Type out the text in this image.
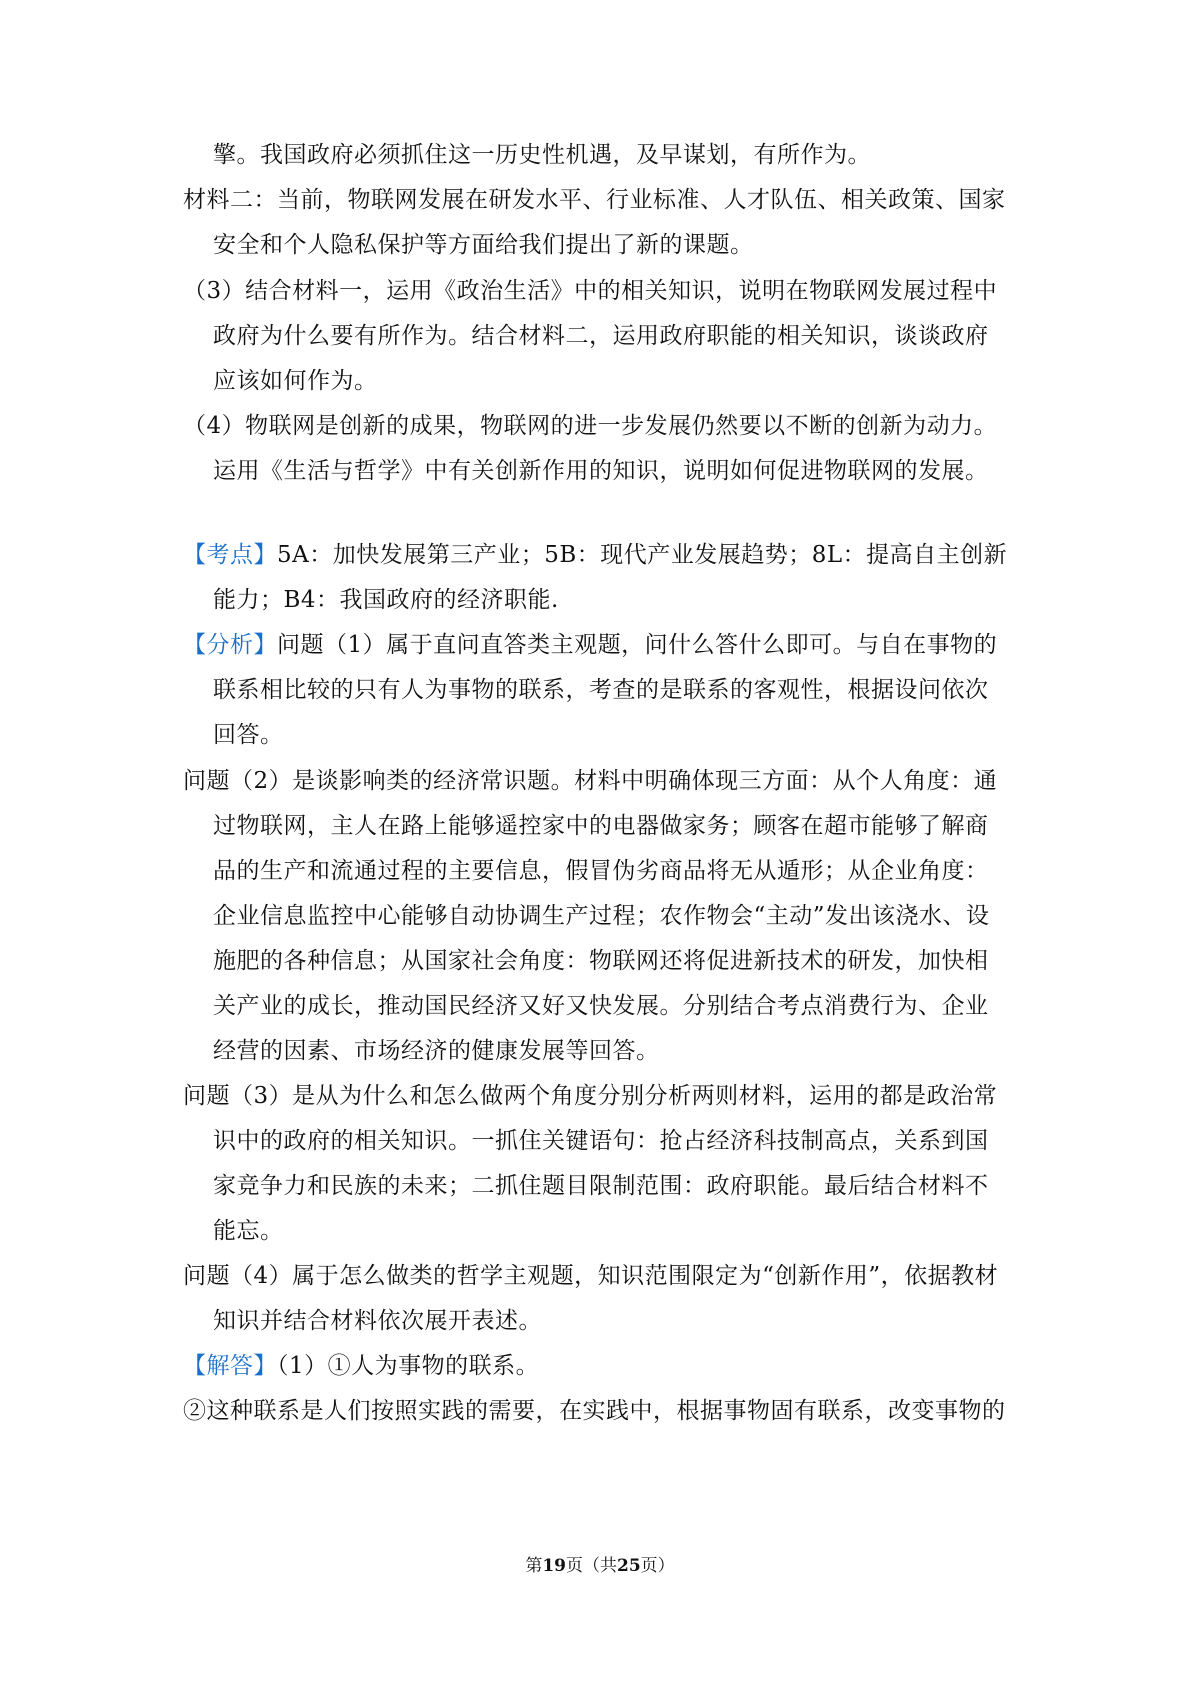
擎。我国政府必须抓住这一历史性机遇，及早谋划，有所作为。
材料二：当前，物联网发展在研发水平、行业标准、人才队伍、相关政策、国家
安全和个人隐私保护等方面给我们提出了新的课题。
（3）结合材料一，运用《政治生活》中的相关知识，说明在物联网发展过程中
政府为什么要有所作为。结合材料二，运用政府职能的相关知识，谈谈政府
应该如何作为。
（4）物联网是创新的成果，物联网的进一步发展仍然要以不断的创新为动力。
运用《生活与哲学》中有关创新作用的知识，说明如何促进物联网的发展。
【考点】5A：加快发展第三产业；5B：现代产业发展趋势；8L：提高自主创新
能力；B4：我国政府的经济职能.
【分析】问题（1）属于直问直答类主观题，问什么答什么即可。与自在事物的
联系相比较的只有人为事物的联系，考查的是联系的客观性，根据设问依次
回答。
问题（2）是谈影响类的经济常识题。材料中明确体现三方面：从个人角度：通
过物联网，主人在路上能够遥控家中的电器做家务；顾客在超市能够了解商
品的生产和流通过程的主要信息，假冒伪劣商品将无从遁形；从企业角度：
企业信息监控中心能够自动协调生产过程；农作物会“主动”发出该浇水、设
施肥的各种信息；从国家社会角度：物联网还将促进新技术的研发，加快相
关产业的成长，推动国民经济又好又快发展。分别结合考点消费行为、企业
经营的因素、市场经济的健康发展等回答。
问题（3）是从为什么和怎么做两个角度分别分析两则材料，运用的都是政治常
识中的政府的相关知识。一抓住关键语句：抢占经济科技制高点，关系到国
家竞争力和民族的未来；二抓住题目限制范围：政府职能。最后结合材料不
能忘。
问题（4）属于怎么做类的哲学主观题，知识范围限定为“创新作用”，依据教材
知识并结合材料依次展开表述。
【解答】（1）①人为事物的联系。
②这种联系是人们按照实践的需要，在实践中，根据事物固有联系，改变事物的
第19页（共25页）
